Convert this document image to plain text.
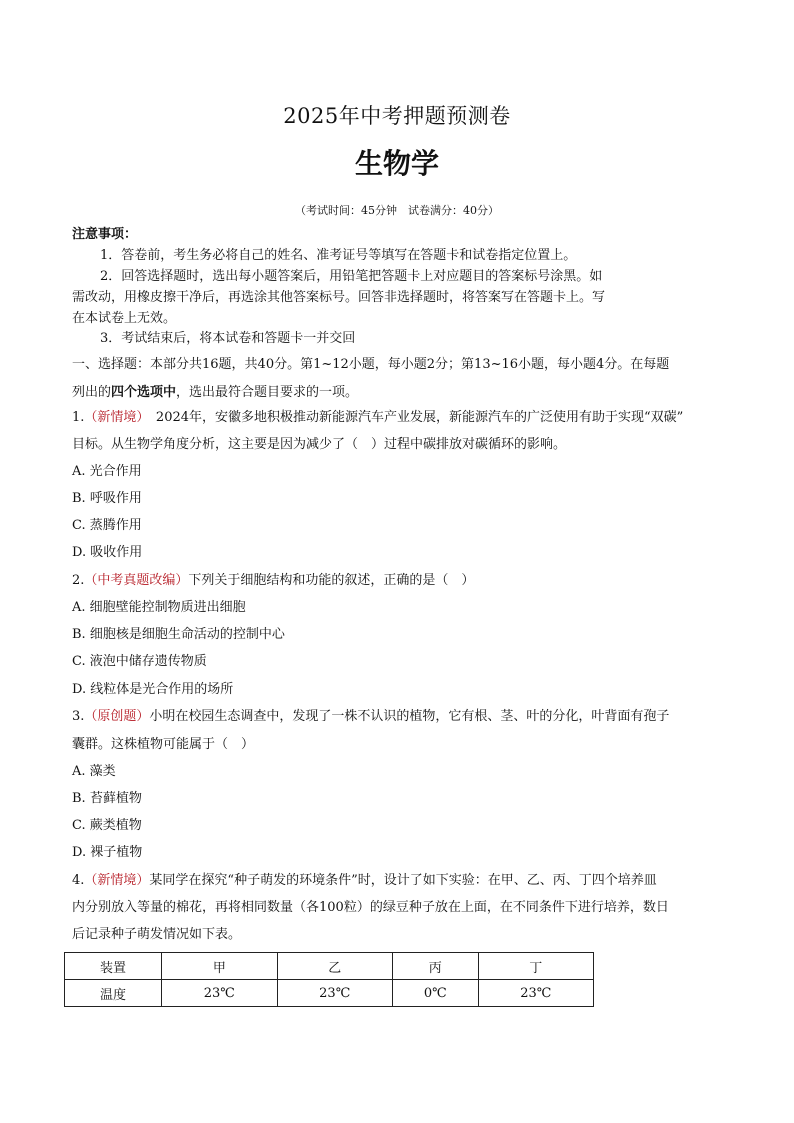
2025年中考押题预测卷
生物学
（考试时间：45分钟　试卷满分：40分）
注意事项：
1．答卷前，考生务必将自己的姓名、准考证号等填写在答题卡和试卷指定位置上。
2．回答选择题时，选出每小题答案后，用铅笔把答题卡上对应题目的答案标号涂黑。如
需改动，用橡皮擦干净后，再选涂其他答案标号。回答非选择题时，将答案写在答题卡上。写
在本试卷上无效。
3．考试结束后，将本试卷和答题卡一并交回
一、选择题：本部分共16题，共40分。第1~12小题，每小题2分；第13~16小题，每小题4分。在每题
列出的四个选项中，选出最符合题目要求的一项。
1.（新情境）　2024年，安徽多地积极推动新能源汽车产业发展，新能源汽车的广泛使用有助于实现“双碳”
目标。从生物学角度分析，这主要是因为减少了（　）过程中碳排放对碳循环的影响。
A. 光合作用
B. 呼吸作用
C. 蒸腾作用
D. 吸收作用
2.（中考真题改编）下列关于细胞结构和功能的叙述，正确的是（　）
A. 细胞壁能控制物质进出细胞
B. 细胞核是细胞生命活动的控制中心
C. 液泡中储存遗传物质
D. 线粒体是光合作用的场所
3.（原创题）小明在校园生态调查中，发现了一株不认识的植物，它有根、茎、叶的分化，叶背面有孢子
囊群。这株植物可能属于（　）
A. 藻类
B. 苔藓植物
C. 蕨类植物
D. 裸子植物
4.（新情境）某同学在探究“种子萌发的环境条件”时，设计了如下实验：在甲、乙、丙、丁四个培养皿
内分别放入等量的棉花，再将相同数量（各100粒）的绿豆种子放在上面，在不同条件下进行培养，数日
后记录种子萌发情况如下表。
装置	甲	乙	丙	丁
温度	23℃	23℃	0℃	23℃
